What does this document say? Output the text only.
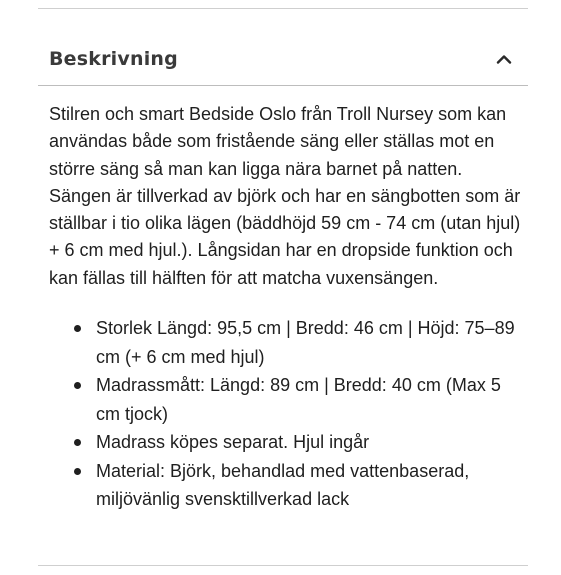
Beskrivning

Stilren och smart Bedside Oslo från Troll Nursey som kan användas både som fristående säng eller ställas mot en större säng så man kan ligga nära barnet på natten. Sängen är tillverkad av björk och har en sängbotten som är ställbar i tio olika lägen (bäddhöjd 59 cm - 74 cm (utan hjul) + 6 cm med hjul.). Långsidan har en dropside funktion och kan fällas till hälften för att matcha vuxensängen.

Storlek Längd: 95,5 cm | Bredd: 46 cm | Höjd: 75–89 cm (+ 6 cm med hjul)
Madrassmått: Längd: 89 cm | Bredd: 40 cm (Max 5 cm tjock)
Madrass köpes separat. Hjul ingår
Material: Björk, behandlad med vattenbaserad, miljövänlig svensktillverkad lack
